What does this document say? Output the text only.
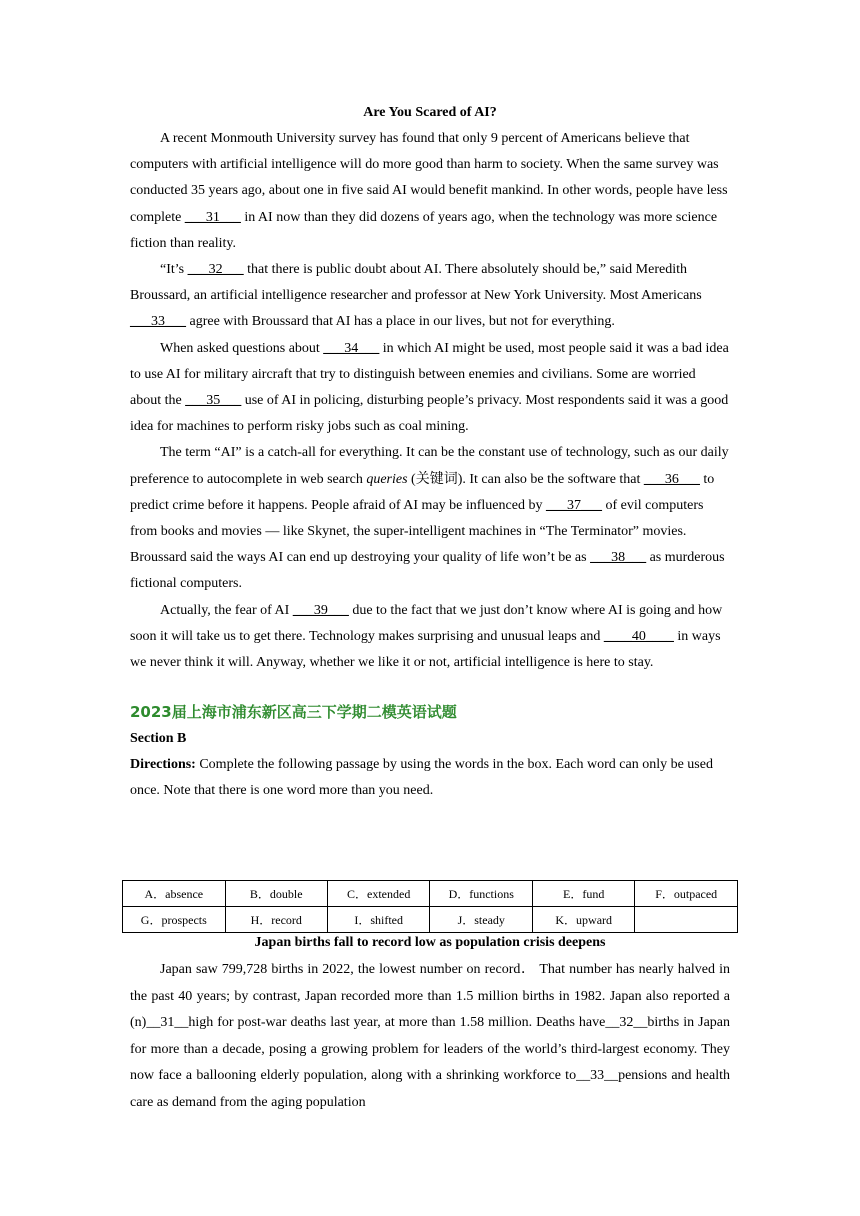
Are You Scared of AI?

A recent Monmouth University survey has found that only 9 percent of Americans believe that computers with artificial intelligence will do more good than harm to society. When the same survey was conducted 35 years ago, about one in five said AI would benefit mankind. In other words, people have less complete ___31___ in AI now than they did dozens of years ago, when the technology was more science fiction than reality.

“It’s ___32___ that there is public doubt about AI. There absolutely should be,” said Meredith Broussard, an artificial intelligence researcher and professor at New York University. Most Americans ___33___ agree with Broussard that AI has a place in our lives, but not for everything.

When asked questions about ___34___ in which AI might be used, most people said it was a bad idea to use AI for military aircraft that try to distinguish between enemies and civilians. Some are worried about the ___35___ use of AI in policing, disturbing people’s privacy. Most respondents said it was a good idea for machines to perform risky jobs such as coal mining.

The term “AI” is a catch-all for everything. It can be the constant use of technology, such as our daily preference to autocomplete in web search queries (关键词). It can also be the software that ___36___ to predict crime before it happens. People afraid of AI may be influenced by ___37___ of evil computers from books and movies — like Skynet, the super-intelligent machines in “The Terminator” movies. Broussard said the ways AI can end up destroying your quality of life won’t be as ___38___ as murderous fictional computers.

Actually, the fear of AI ___39___ due to the fact that we just don’t know where AI is going and how soon it will take us to get there. Technology makes surprising and unusual leaps and ____40____ in ways we never think it will. Anyway, whether we like it or not, artificial intelligence is here to stay.

2023届上海市浦东新区高三下学期二模英语试题
Section B

Directions: Complete the following passage by using the words in the box. Each word can only be used once. Note that there is one word more than you need.

A．absence	B．double	C．extended	D．functions	E．fund	F．outpaced
G．prospects	H．record	I．shifted	J．steady	K．upward	
Japan births fall to record low as population crisis deepens

Japan saw 799,728 births in 2022, the lowest number on record． That number has nearly halved in the past 40 years; by contrast, Japan recorded more than 1.5 million births in 1982. Japan also reported a (n)__31__high for post-war deaths last year, at more than 1.58 million. Deaths have__32__births in Japan for more than a decade, posing a growing problem for leaders of the world’s third-largest economy. They now face a ballooning elderly population, along with a shrinking workforce to__33__pensions and health care as demand from the aging population
